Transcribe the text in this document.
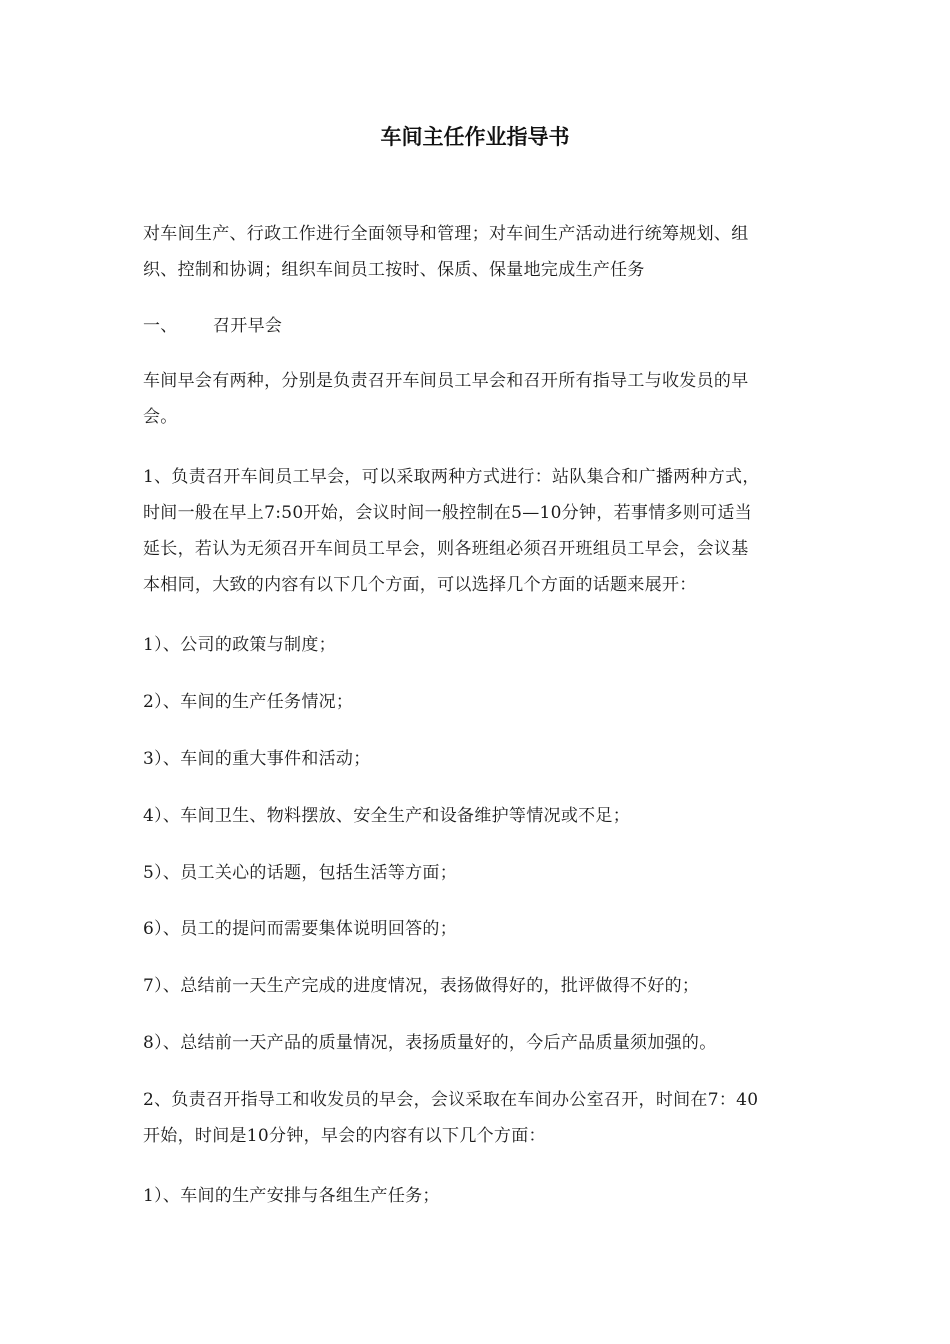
车间主任作业指导书
对车间生产、行政工作进行全面领导和管理；对车间生产活动进行统筹规划、组
织、控制和协调；组织车间员工按时、保质、保量地完成生产任务
一、 召开早会
车间早会有两种，分别是负责召开车间员工早会和召开所有指导工与收发员的早
会。
1、负责召开车间员工早会，可以采取两种方式进行：站队集合和广播两种方式，
时间一般在早上7:50开始，会议时间一般控制在5—10分钟，若事情多则可适当
延长，若认为无须召开车间员工早会，则各班组必须召开班组员工早会，会议基
本相同，大致的内容有以下几个方面，可以选择几个方面的话题来展开：
1）、公司的政策与制度；
2）、车间的生产任务情况；
3）、车间的重大事件和活动；
4）、车间卫生、物料摆放、安全生产和设备维护等情况或不足；
5）、员工关心的话题，包括生活等方面；
6）、员工的提问而需要集体说明回答的；
7）、总结前一天生产完成的进度情况，表扬做得好的，批评做得不好的；
8）、总结前一天产品的质量情况，表扬质量好的，今后产品质量须加强的。
2、负责召开指导工和收发员的早会，会议采取在车间办公室召开，时间在7：40
开始，时间是10分钟，早会的内容有以下几个方面：
1）、车间的生产安排与各组生产任务；
